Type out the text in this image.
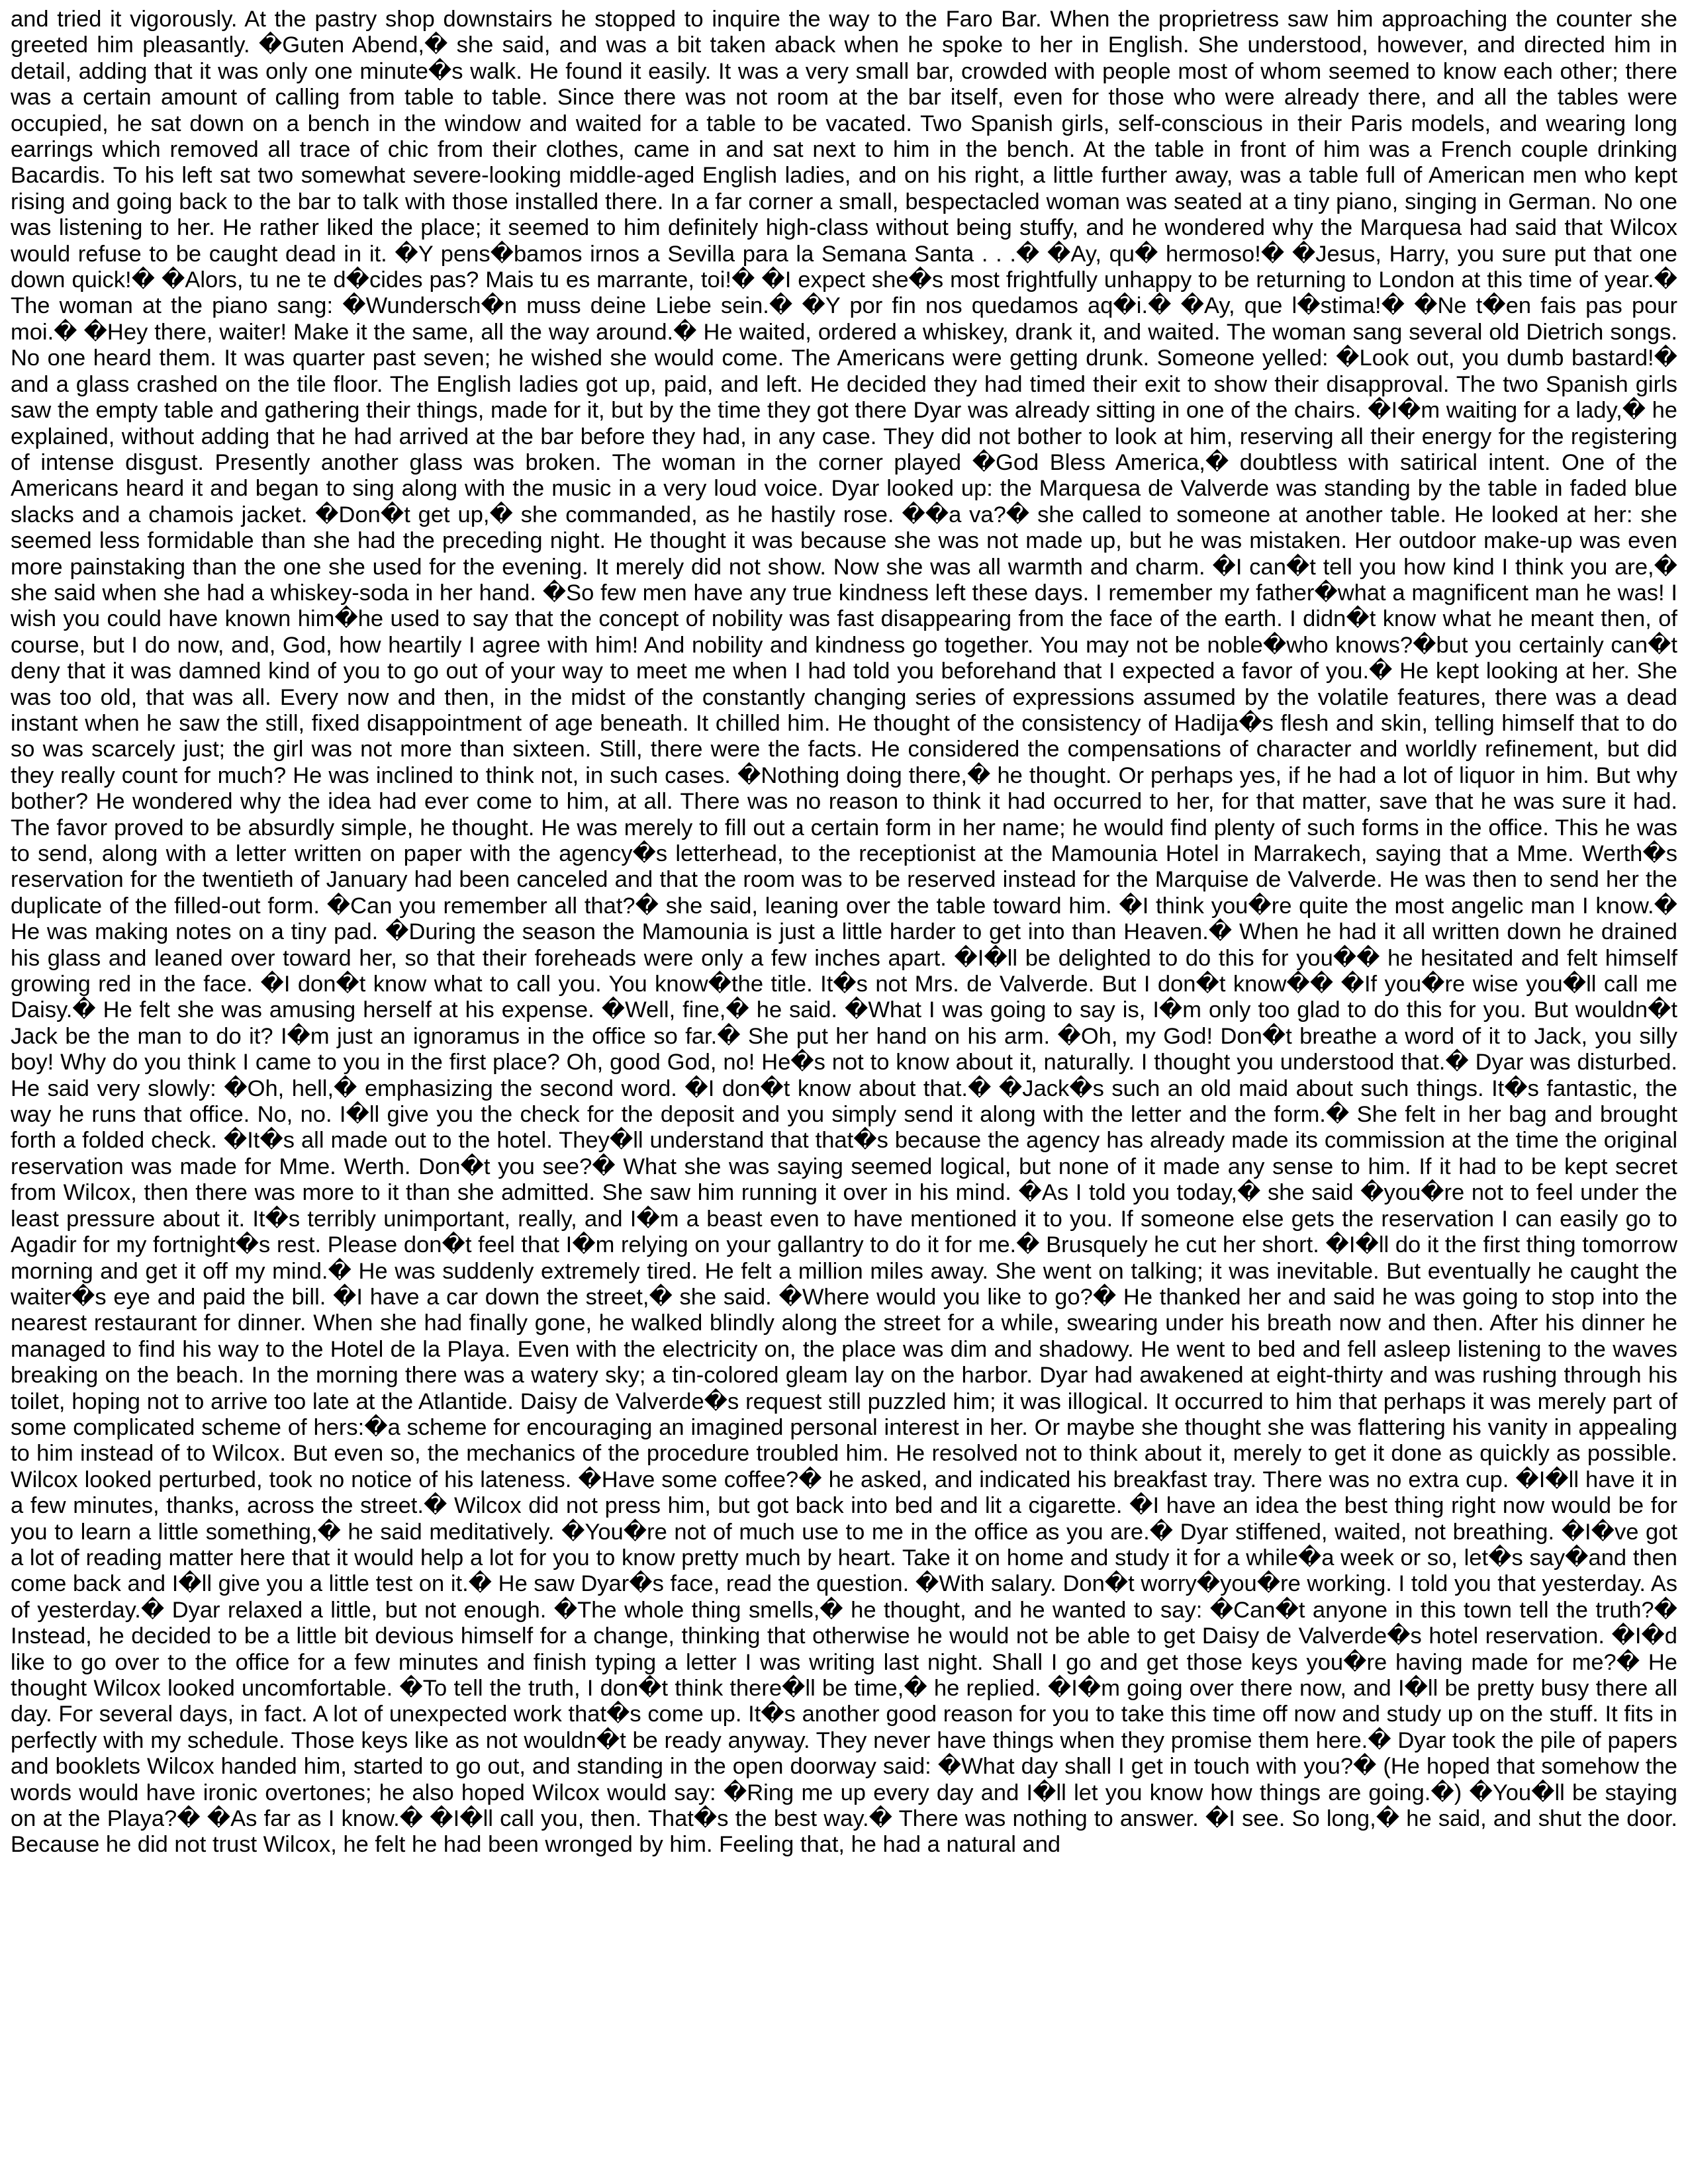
and tried it vigorously. At the pastry shop downstairs he stopped to inquire the way to the Faro Bar. When the proprietress saw him approaching the counter she greeted him pleasantly. �Guten Abend,� she said, and was a bit taken aback when he spoke to her in English. She understood, however, and directed him in detail, adding that it was only one minute�s walk. He found it easily. It was a very small bar, crowded with people most of whom seemed to know each other; there was a certain amount of calling from table to table. Since there was not room at the bar itself, even for those who were already there, and all the tables were occupied, he sat down on a bench in the window and waited for a table to be vacated. Two Spanish girls, self-conscious in their Paris models, and wearing long earrings which removed all trace of chic from their clothes, came in and sat next to him in the bench. At the table in front of him was a French couple drinking Bacardis. To his left sat two somewhat severe-looking middle-aged English ladies, and on his right, a little further away, was a table full of American men who kept rising and going back to the bar to talk with those installed there. In a far corner a small, bespectacled woman was seated at a tiny piano, singing in German. No one was listening to her. He rather liked the place; it seemed to him definitely high-class without being stuffy, and he wondered why the Marquesa had said that Wilcox would refuse to be caught dead in it. �Y pens�bamos irnos a Sevilla para la Semana Santa . . .� �Ay, qu� hermoso!� �Jesus, Harry, you sure put that one down quick!� �Alors, tu ne te d�cides pas? Mais tu es marrante, toi!� �I expect she�s most frightfully unhappy to be returning to London at this time of year.� The woman at the piano sang: �Wundersch�n muss deine Liebe sein.� �Y por fin nos quedamos aq�i.� �Ay, que l�stima!� �Ne t�en fais pas pour moi.� �Hey there, waiter! Make it the same, all the way around.� He waited, ordered a whiskey, drank it, and waited. The woman sang several old Dietrich songs. No one heard them. It was quarter past seven; he wished she would come. The Americans were getting drunk. Someone yelled: �Look out, you dumb bastard!� and a glass crashed on the tile floor. The English ladies got up, paid, and left. He decided they had timed their exit to show their disapproval. The two Spanish girls saw the empty table and gathering their things, made for it, but by the time they got there Dyar was already sitting in one of the chairs. �I�m waiting for a lady,� he explained, without adding that he had arrived at the bar before they had, in any case. They did not bother to look at him, reserving all their energy for the registering of intense disgust. Presently another glass was broken. The woman in the corner played �God Bless America,� doubtless with satirical intent. One of the Americans heard it and began to sing along with the music in a very loud voice. Dyar looked up: the Marquesa de Valverde was standing by the table in faded blue slacks and a chamois jacket. �Don�t get up,� she commanded, as he hastily rose. ��a va?� she called to someone at another table. He looked at her: she seemed less formidable than she had the preceding night. He thought it was because she was not made up, but he was mistaken. Her outdoor make-up was even more painstaking than the one she used for the evening. It merely did not show. Now she was all warmth and charm. �I can�t tell you how kind I think you are,� she said when she had a whiskey-soda in her hand. �So few men have any true kindness left these days. I remember my father�what a magnificent man he was! I wish you could have known him�he used to say that the concept of nobility was fast disappearing from the face of the earth. I didn�t know what he meant then, of course, but I do now, and, God, how heartily I agree with him! And nobility and kindness go together. You may not be noble�who knows?�but you certainly can�t deny that it was damned kind of you to go out of your way to meet me when I had told you beforehand that I expected a favor of you.� He kept looking at her. She was too old, that was all. Every now and then, in the midst of the constantly changing series of expressions assumed by the volatile features, there was a dead instant when he saw the still, fixed disappointment of age beneath. It chilled him. He thought of the consistency of Hadija�s flesh and skin, telling himself that to do so was scarcely just; the girl was not more than sixteen. Still, there were the facts. He considered the compensations of character and worldly refinement, but did they really count for much? He was inclined to think not, in such cases. �Nothing doing there,� he thought. Or perhaps yes, if he had a lot of liquor in him. But why bother? He wondered why the idea had ever come to him, at all. There was no reason to think it had occurred to her, for that matter, save that he was sure it had. The favor proved to be absurdly simple, he thought. He was merely to fill out a certain form in her name; he would find plenty of such forms in the office. This he was to send, along with a letter written on paper with the agency�s letterhead, to the receptionist at the Mamounia Hotel in Marrakech, saying that a Mme. Werth�s reservation for the twentieth of January had been canceled and that the room was to be reserved instead for the Marquise de Valverde. He was then to send her the duplicate of the filled-out form. �Can you remember all that?� she said, leaning over the table toward him. �I think you�re quite the most angelic man I know.� He was making notes on a tiny pad. �During the season the Mamounia is just a little harder to get into than Heaven.� When he had it all written down he drained his glass and leaned over toward her, so that their foreheads were only a few inches apart. �I�ll be delighted to do this for you�� he hesitated and felt himself growing red in the face. �I don�t know what to call you. You know�the title. It�s not Mrs. de Valverde. But I don�t know�� �If you�re wise you�ll call me Daisy.� He felt she was amusing herself at his expense. �Well, fine,� he said. �What I was going to say is, I�m only too glad to do this for you. But wouldn�t Jack be the man to do it? I�m just an ignoramus in the office so far.� She put her hand on his arm. �Oh, my God! Don�t breathe a word of it to Jack, you silly boy! Why do you think I came to you in the first place? Oh, good God, no! He�s not to know about it, naturally. I thought you understood that.� Dyar was disturbed. He said very slowly: �Oh, hell,� emphasizing the second word. �I don�t know about that.� �Jack�s such an old maid about such things. It�s fantastic, the way he runs that office. No, no. I�ll give you the check for the deposit and you simply send it along with the letter and the form.� She felt in her bag and brought forth a folded check. �It�s all made out to the hotel. They�ll understand that that�s because the agency has already made its commission at the time the original reservation was made for Mme. Werth. Don�t you see?� What she was saying seemed logical, but none of it made any sense to him. If it had to be kept secret from Wilcox, then there was more to it than she admitted. She saw him running it over in his mind. �As I told you today,� she said �you�re not to feel under the least pressure about it. It�s terribly unimportant, really, and I�m a beast even to have mentioned it to you. If someone else gets the reservation I can easily go to Agadir for my fortnight�s rest. Please don�t feel that I�m relying on your gallantry to do it for me.� Brusquely he cut her short. �I�ll do it the first thing tomorrow morning and get it off my mind.� He was suddenly extremely tired. He felt a million miles away. She went on talking; it was inevitable. But eventually he caught the waiter�s eye and paid the bill. �I have a car down the street,� she said. �Where would you like to go?� He thanked her and said he was going to stop into the nearest restaurant for dinner. When she had finally gone, he walked blindly along the street for a while, swearing under his breath now and then. After his dinner he managed to find his way to the Hotel de la Playa. Even with the electricity on, the place was dim and shadowy. He went to bed and fell asleep listening to the waves breaking on the beach. In the morning there was a watery sky; a tin-colored gleam lay on the harbor. Dyar had awakened at eight-thirty and was rushing through his toilet, hoping not to arrive too late at the Atlantide. Daisy de Valverde�s request still puzzled him; it was illogical. It occurred to him that perhaps it was merely part of some complicated scheme of hers:�a scheme for encouraging an imagined personal interest in her. Or maybe she thought she was flattering his vanity in appealing to him instead of to Wilcox. But even so, the mechanics of the procedure troubled him. He resolved not to think about it, merely to get it done as quickly as possible. Wilcox looked perturbed, took no notice of his lateness. �Have some coffee?� he asked, and indicated his breakfast tray. There was no extra cup. �I�ll have it in a few minutes, thanks, across the street.� Wilcox did not press him, but got back into bed and lit a cigarette. �I have an idea the best thing right now would be for you to learn a little something,� he said meditatively. �You�re not of much use to me in the office as you are.� Dyar stiffened, waited, not breathing. �I�ve got a lot of reading matter here that it would help a lot for you to know pretty much by heart. Take it on home and study it for a while�a week or so, let�s say�and then come back and I�ll give you a little test on it.� He saw Dyar�s face, read the question. �With salary. Don�t worry�you�re working. I told you that yesterday. As of yesterday.� Dyar relaxed a little, but not enough. �The whole thing smells,� he thought, and he wanted to say: �Can�t anyone in this town tell the truth?� Instead, he decided to be a little bit devious himself for a change, thinking that otherwise he would not be able to get Daisy de Valverde�s hotel reservation. �I�d like to go over to the office for a few minutes and finish typing a letter I was writing last night. Shall I go and get those keys you�re having made for me?� He thought Wilcox looked uncomfortable. �To tell the truth, I don�t think there�ll be time,� he replied. �I�m going over there now, and I�ll be pretty busy there all day. For several days, in fact. A lot of unexpected work that�s come up. It�s another good reason for you to take this time off now and study up on the stuff. It fits in perfectly with my schedule. Those keys like as not wouldn�t be ready anyway. They never have things when they promise them here.� Dyar took the pile of papers and booklets Wilcox handed him, started to go out, and standing in the open doorway said: �What day shall I get in touch with you?� (He hoped that somehow the words would have ironic overtones; he also hoped Wilcox would say: �Ring me up every day and I�ll let you know how things are going.�) �You�ll be staying on at the Playa?� �As far as I know.� �I�ll call you, then. That�s the best way.� There was nothing to answer. �I see. So long,� he said, and shut the door. Because he did not trust Wilcox, he felt he had been wronged by him. Feeling that, he had a natural and
